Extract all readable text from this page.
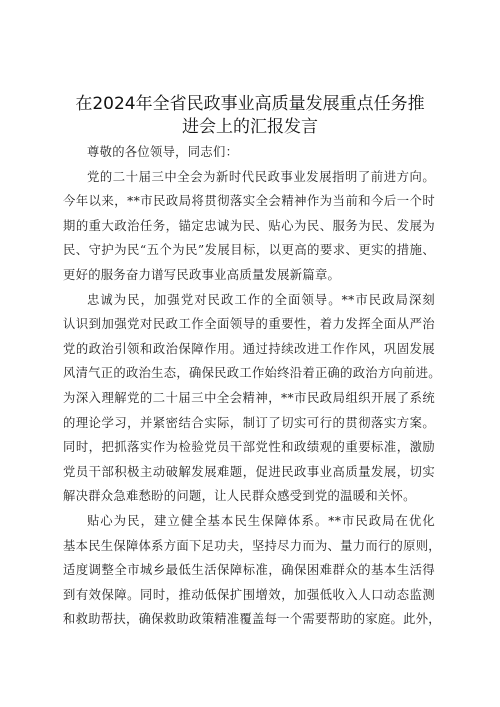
在2024年全省民政事业高质量发展重点任务推
进会上的汇报发言
尊敬的各位领导，同志们：
党的二十届三中全会为新时代民政事业发展指明了前进方向。
今年以来，**市民政局将贯彻落实全会精神作为当前和今后一个时
期的重大政治任务，锚定忠诚为民、贴心为民、服务为民、发展为
民、守护为民“五个为民”发展目标，以更高的要求、更实的措施、
更好的服务奋力谱写民政事业高质量发展新篇章。
忠诚为民，加强党对民政工作的全面领导。**市民政局深刻
认识到加强党对民政工作全面领导的重要性，着力发挥全面从严治
党的政治引领和政治保障作用。通过持续改进工作作风，巩固发展
风清气正的政治生态，确保民政工作始终沿着正确的政治方向前进。
为深入理解党的二十届三中全会精神，**市民政局组织开展了系统
的理论学习，并紧密结合实际，制订了切实可行的贯彻落实方案。
同时，把抓落实作为检验党员干部党性和政绩观的重要标准，激励
党员干部积极主动破解发展难题，促进民政事业高质量发展，切实
解决群众急难愁盼的问题，让人民群众感受到党的温暖和关怀。
贴心为民，建立健全基本民生保障体系。**市民政局在优化
基本民生保障体系方面下足功夫，坚持尽力而为、量力而行的原则，
适度调整全市城乡最低生活保障标准，确保困难群众的基本生活得
到有效保障。同时，推动低保扩围增效，加强低收入人口动态监测
和救助帮扶，确保救助政策精准覆盖每一个需要帮助的家庭。此外，
